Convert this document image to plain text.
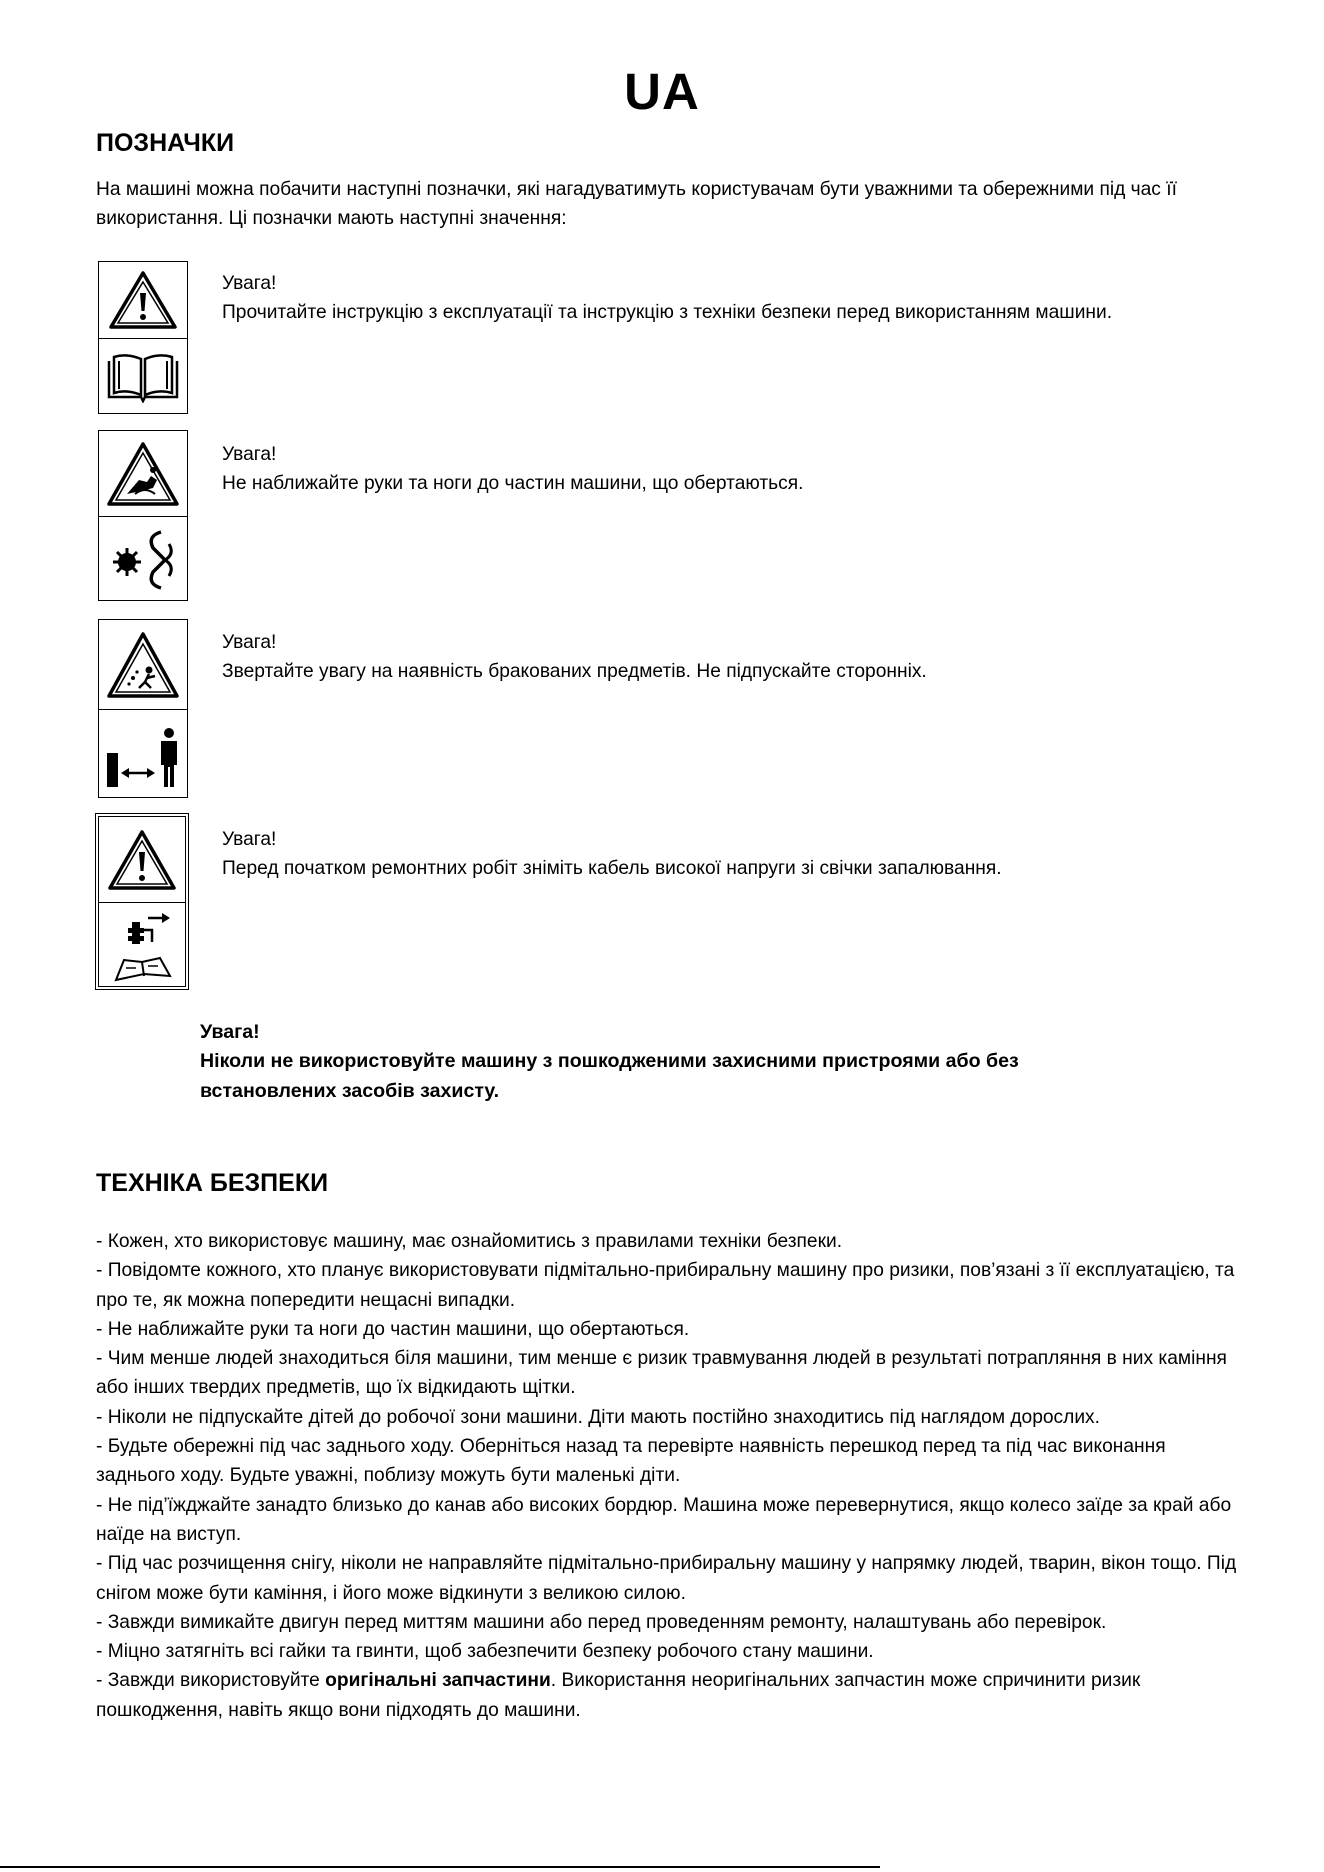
UA
ПОЗНАЧКИ
На машині можна побачити наступні позначки, які нагадуватимуть користувачам бути уважними та обережними під час її використання. Ці позначки мають наступні значення:
Увага!
Прочитайте інструкцію з експлуатації та інструкцію з техніки безпеки перед використанням машини.
Увага!
Не наближайте руки та ноги до частин машини, що обертаються.
Увага!
Звертайте увагу на наявність бракованих предметів. Не підпускайте сторонніх.
Увага!
Перед початком ремонтних робіт зніміть кабель високої напруги зі свічки запалювання.
Увага!
Ніколи не використовуйте машину з пошкодженими захисними пристроями або без встановлених засобів захисту.
ТЕХНІКА БЕЗПЕКИ

- Кожен, хто використовує машину, має ознайомитись з правилами техніки безпеки.

- Повідомте кожного, хто планує використовувати підмітально-прибиральну машину про ризики, пов’язані з її експлуатацією, та про те, як можна попередити нещасні випадки.

- Не наближайте руки та ноги до частин машини, що обертаються.

- Чим менше людей знаходиться біля машини, тим менше є ризик травмування людей в результаті потрапляння в них каміння або інших твердих предметів, що їх відкидають щітки.

- Ніколи не підпускайте дітей до робочої зони машини. Діти мають постійно знаходитись під наглядом дорослих.

- Будьте обережні під час заднього ходу. Оберніться назад та перевірте наявність перешкод перед та під час виконання заднього ходу. Будьте уважні, поблизу можуть бути маленькі діти.

- Не під’їжджайте занадто близько до канав або високих бордюр. Машина може перевернутися, якщо колесо заїде за край або наїде на виступ.

- Під час розчищення снігу, ніколи не направляйте підмітально-прибиральну машину у напрямку людей, тварин, вікон тощо. Під снігом може бути каміння, і його може відкинути з великою силою.

- Завжди вимикайте двигун перед миттям машини або перед проведенням ремонту, налаштувань або перевірок.

- Міцно затягніть всі гайки та гвинти, щоб забезпечити безпеку робочого стану машини.

- Завжди використовуйте оригінальні запчастини. Використання неоригінальних запчастин може спричинити ризик пошкодження, навіть якщо вони підходять до машини.
